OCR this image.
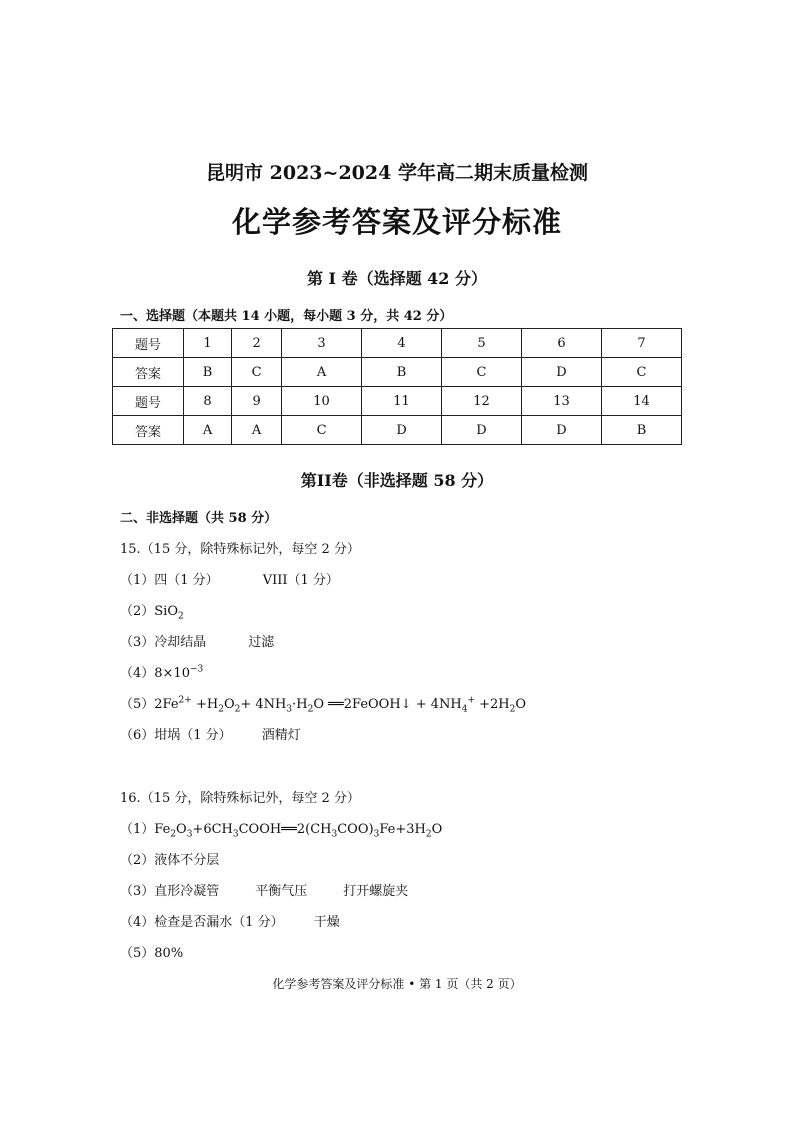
昆明市 2023~2024 学年高二期末质量检测
化学参考答案及评分标准
第 I 卷（选择题 42 分）
一、选择题（本题共 14 小题，每小题 3 分，共 42 分）
题号	1	2	3	4	5	6	7
答案	B	C	A	B	C	D	C
题号	8	9	10	11	12	13	14
答案	A	A	C	D	D	D	B
第II卷（非选择题 58 分）
二、非选择题（共 58 分）
15.（15 分，除特殊标记外，每空 2 分）
（1）四（1 分）	VIII（1 分）
（2）SiO$_2$
（3）冷却结晶	过滤
$(4)8\times 10^{-3}$
$(5)2Fe^{2+} +H_2O_2+ 4NH_3\cdot H_2O$ ══2FeOOH↓ + $4NH_4^+ +2H_2O$
（6）坩埚（1 分） 酒精灯
16.（15 分，除特殊标记外，每空 2 分）
$(1)Fe_2O_3+6CH_3COOH══2(CH_3COO)_3Fe+3H_2O$
（2）液体不分层
（3）直形冷凝管	平衡气压	打开螺旋夹
（4）检查是否漏水（1 分） 干燥
（5）80%
化学参考答案及评分标准 • 第 1 页（共 2 页）
